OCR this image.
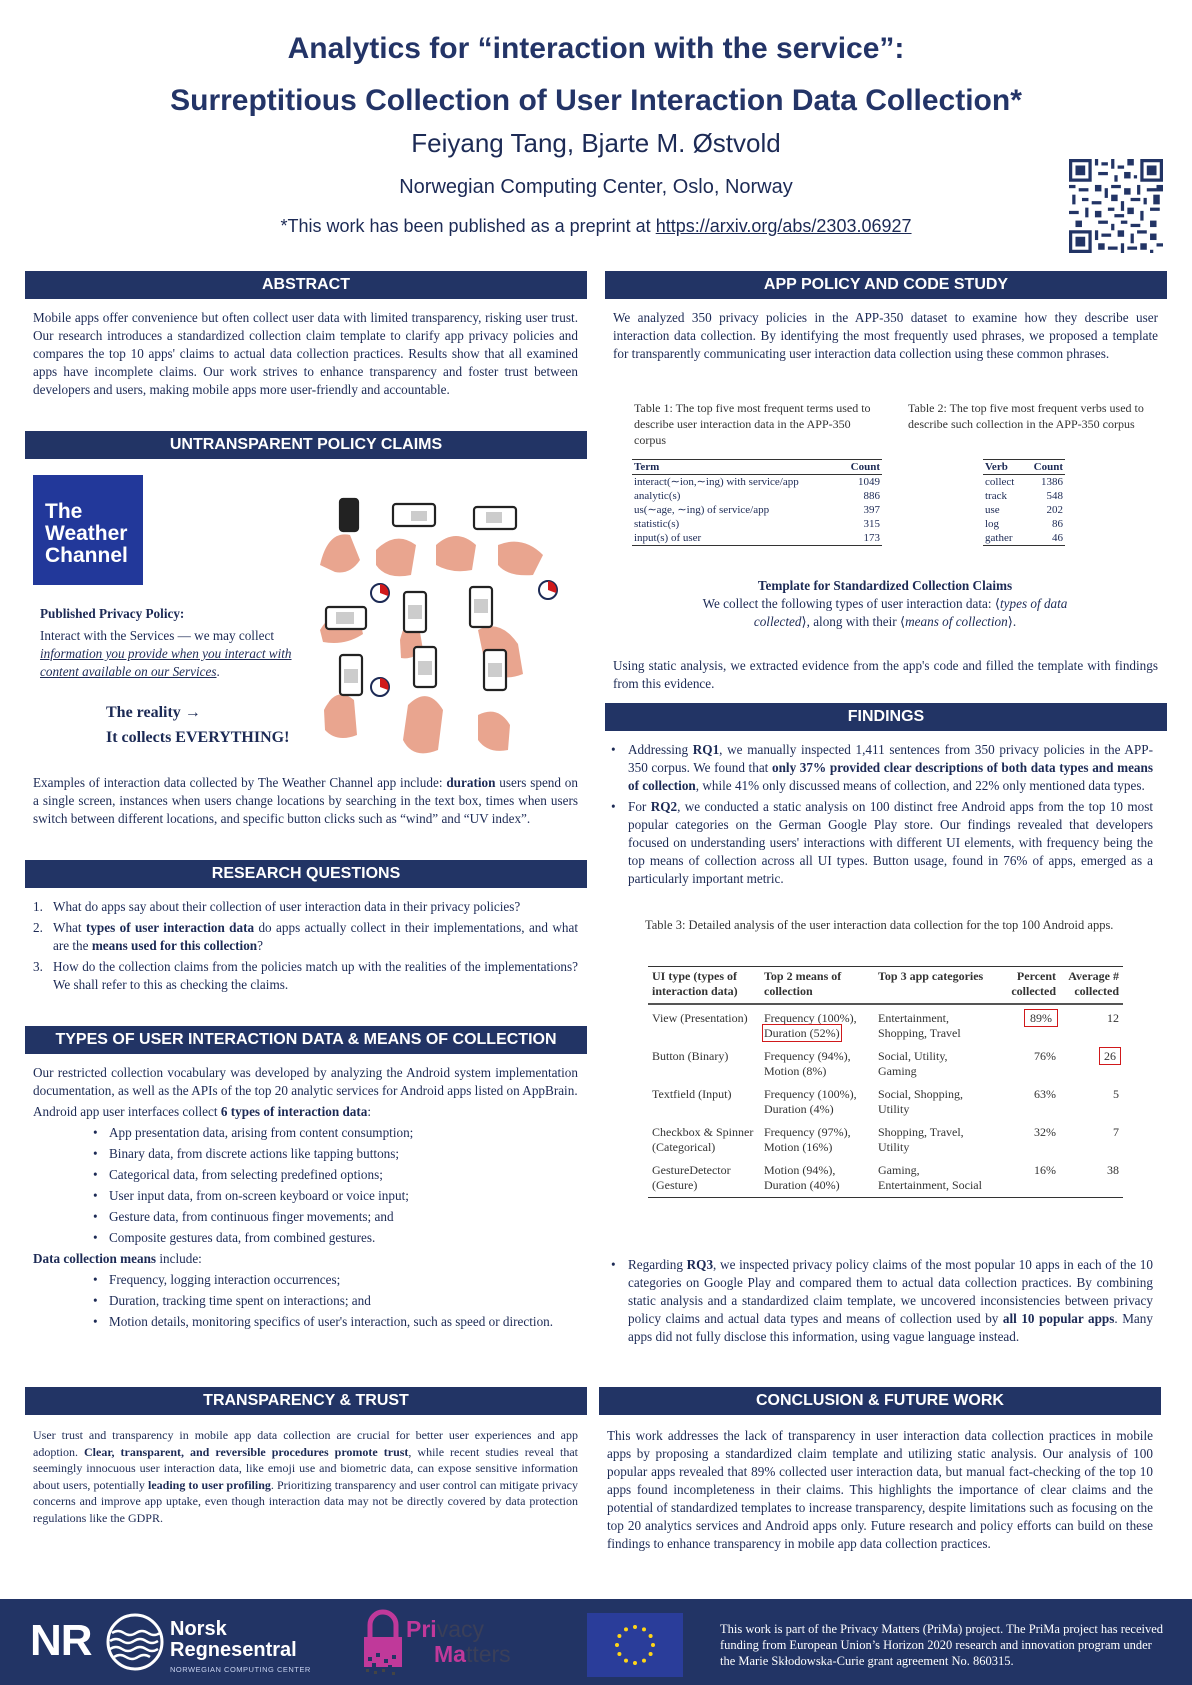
Analytics for “interaction with the service”:
Surreptitious Collection of User Interaction Data Collection*
Feiyang Tang, Bjarte M. Østvold
Norwegian Computing Center, Oslo, Norway
*This work has been published as a preprint at https://arxiv.org/abs/2303.06927
ABSTRACT
Mobile apps offer convenience but often collect user data with limited transparency, risking user trust. Our research introduces a standardized collection claim template to clarify app privacy policies and compares the top 10 apps' claims to actual data collection practices. Results show that all examined apps have incomplete claims. Our work strives to enhance transparency and foster trust between developers and users, making mobile apps more user-friendly and accountable.
UNTRANSPARENT POLICY CLAIMS
The
Weather
Channel
Published Privacy Policy:
Interact with the Services — we may collect information you provide when you interact with content available on our Services.
The reality →
It collects EVERYTHING!
Examples of interaction data collected by The Weather Channel app include: duration users spend on a single screen, instances when users change locations by searching in the text box, times when users switch between different locations, and specific button clicks such as “wind” and “UV index”.
RESEARCH QUESTIONS
1. What do apps say about their collection of user interaction data in their privacy policies?
2. What types of user interaction data do apps actually collect in their implementations, and what are the means used for this collection?
3. How do the collection claims from the policies match up with the realities of the implementations? We shall refer to this as checking the claims.
TYPES OF USER INTERACTION DATA & MEANS OF COLLECTION
Our restricted collection vocabulary was developed by analyzing the Android system implementation documentation, as well as the APIs of the top 20 analytic services for Android apps listed on AppBrain.
Android app user interfaces collect 6 types of interaction data:
• App presentation data, arising from content consumption;
• Binary data, from discrete actions like tapping buttons;
• Categorical data, from selecting predefined options;
• User input data, from on-screen keyboard or voice input;
• Gesture data, from continuous finger movements; and
• Composite gestures data, from combined gestures.
Data collection means include:
• Frequency, logging interaction occurrences;
• Duration, tracking time spent on interactions; and
• Motion details, monitoring specifics of user's interaction, such as speed or direction.
TRANSPARENCY & TRUST
User trust and transparency in mobile app data collection are crucial for better user experiences and app adoption. Clear, transparent, and reversible procedures promote trust, while recent studies reveal that seemingly innocuous user interaction data, like emoji use and biometric data, can expose sensitive information about users, potentially leading to user profiling. Prioritizing transparency and user control can mitigate privacy concerns and improve app uptake, even though interaction data may not be directly covered by data protection regulations like the GDPR.
APP POLICY AND CODE STUDY
We analyzed 350 privacy policies in the APP-350 dataset to examine how they describe user interaction data collection. By identifying the most frequently used phrases, we proposed a template for transparently communicating user interaction data collection using these common phrases.
Table 1: The top five most frequent terms used to describe user interaction data in the APP-350 corpus
Term	Count
interact(∼ion,∼ing) with service/app	1049
analytic(s)	886
us(∼age, ∼ing) of service/app	397
statistic(s)	315
input(s) of user	173
Table 2: The top five most frequent verbs used to describe such collection in the APP-350 corpus
Verb	Count
collect	1386
track	548
use	202
log	86
gather	46
Template for Standardized Collection Claims
We collect the following types of user interaction data: ⟨types of data collected⟩, along with their ⟨means of collection⟩.
Using static analysis, we extracted evidence from the app's code and filled the template with findings from this evidence.
FINDINGS
• Addressing RQ1, we manually inspected 1,411 sentences from 350 privacy policies in the APP-350 corpus. We found that only 37% provided clear descriptions of both data types and means of collection, while 41% only discussed means of collection, and 22% only mentioned data types.
• For RQ2, we conducted a static analysis on 100 distinct free Android apps from the top 10 most popular categories on the German Google Play store. Our findings revealed that developers focused on understanding users' interactions with different UI elements, with frequency being the top means of collection across all UI types. Button usage, found in 76% of apps, emerged as a particularly important metric.
Table 3: Detailed analysis of the user interaction data collection for the top 100 Android apps.
UI type (types of interaction data)	Top 2 means of collection	Top 3 app categories	Percent collected	Average # collected
View (Presentation)	Frequency (100%),
Duration (52%)	Entertainment, Shopping, Travel	89%	12
Button (Binary)	Frequency (94%),
Motion (8%)	Social, Utility, Gaming	76%	26
Textfield (Input)	Frequency (100%),
Duration (4%)	Social, Shopping, Utility	63%	5
Checkbox & Spinner (Categorical)	Frequency (97%),
Motion (16%)	Shopping, Travel, Utility	32%	7
GestureDetector (Gesture)	Motion (94%),
Duration (40%)	Gaming, Entertainment, Social	16%	38
• Regarding RQ3, we inspected privacy policy claims of the most popular 10 apps in each of the 10 categories on Google Play and compared them to actual data collection practices. By combining static analysis and a standardized claim template, we uncovered inconsistencies between privacy policy claims and actual data types and means of collection used by all 10 popular apps. Many apps did not fully disclose this information, using vague language instead.
CONCLUSION & FUTURE WORK
This work addresses the lack of transparency in user interaction data collection practices in mobile apps by proposing a standardized claim template and utilizing static analysis. Our analysis of 100 popular apps revealed that 89% collected user interaction data, but manual fact-checking of the top 10 apps found incompleteness in their claims. This highlights the importance of clear claims and the potential of standardized templates to increase transparency, despite limitations such as focusing on the top 20 analytics services and Android apps only. Future research and policy efforts can build on these findings to enhance transparency in mobile app data collection practices.
NR	Norsk
Regnesentral
NORWEGIAN COMPUTING CENTER
Privacy
Matters
This work is part of the Privacy Matters (PriMa) project. The PriMa project has received funding from European Union’s Horizon 2020 research and innovation program under the Marie Skłodowska-Curie grant agreement No. 860315.
